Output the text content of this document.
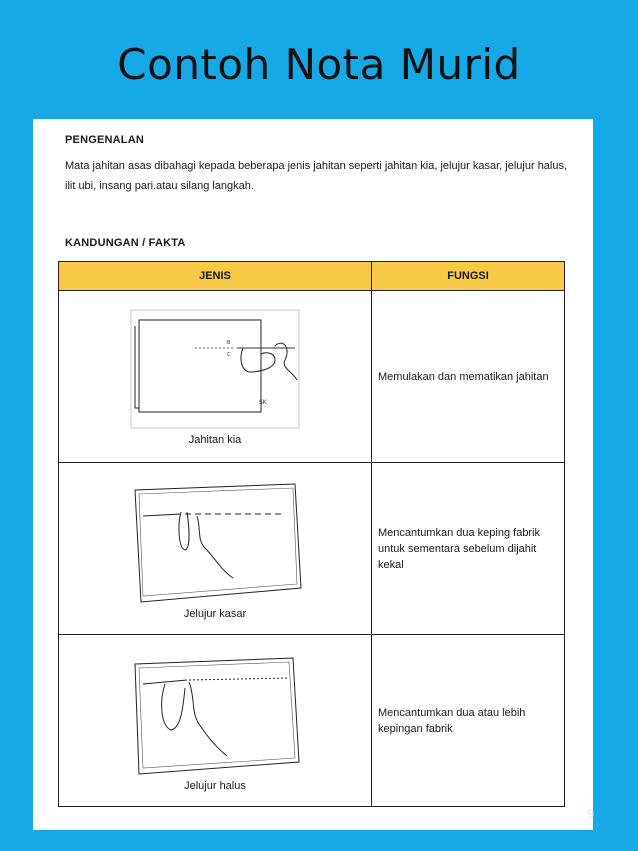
Contoh Nota Murid
PENGENALAN
Mata jahitan asas dibahagi kepada beberapa jenis jahitan seperti jahitan kia, jelujur kasar, jelujur halus, ilit ubi, insang pari.atau silang langkah.
KANDUNGAN / FAKTA
JENIS	FUNGSI

B
C
SK
Jahitan kia	Memulakan dan mematikan jahitan

Jelujur kasar	Mencantumkan dua keping fabrik untuk sementara sebelum dijahit kekal

Jelujur halus	Mencantumkan dua atau lebih kepingan fabrik
9
